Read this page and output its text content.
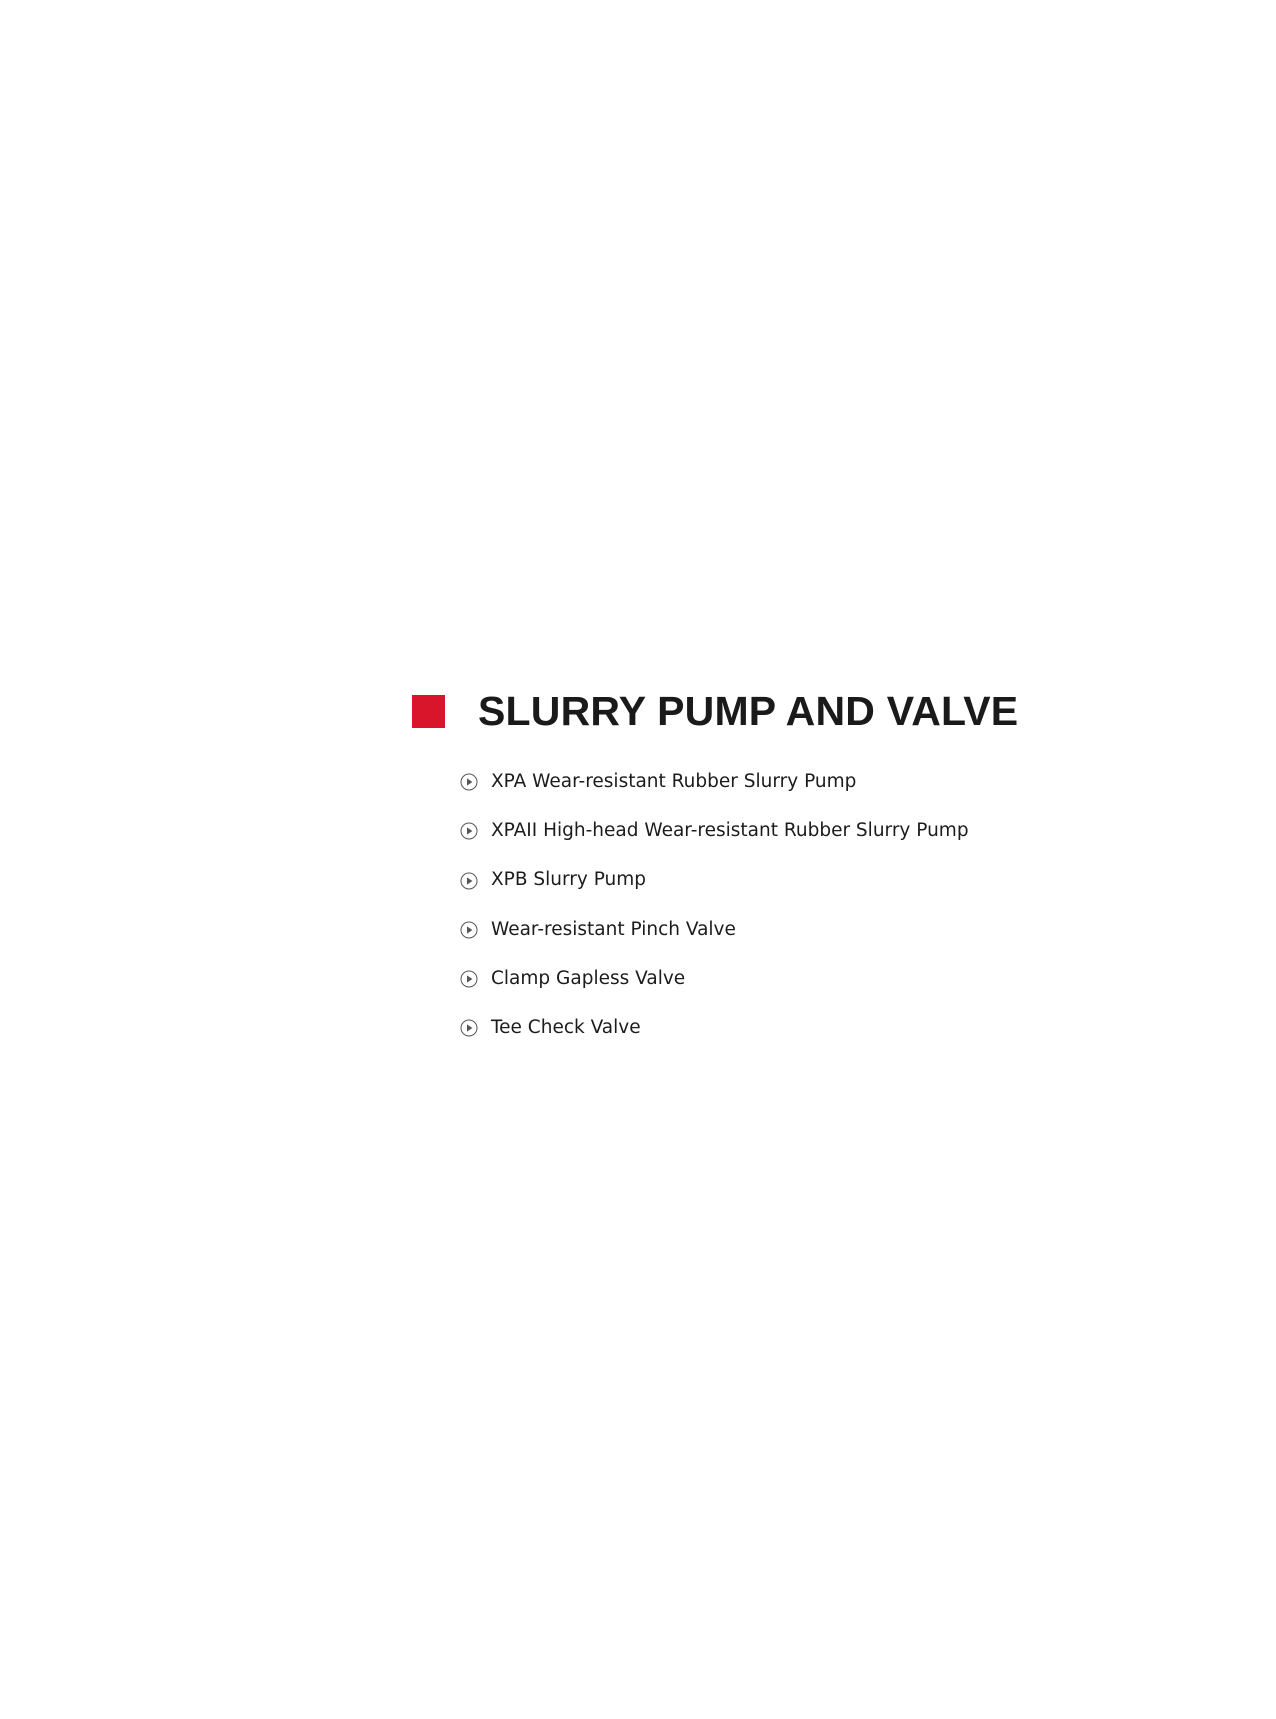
SLURRY PUMP AND VALVE
XPA Wear-resistant Rubber Slurry Pump
XPAII High-head Wear-resistant Rubber Slurry Pump
XPB Slurry Pump
Wear-resistant Pinch Valve
Clamp Gapless Valve
Tee Check Valve
